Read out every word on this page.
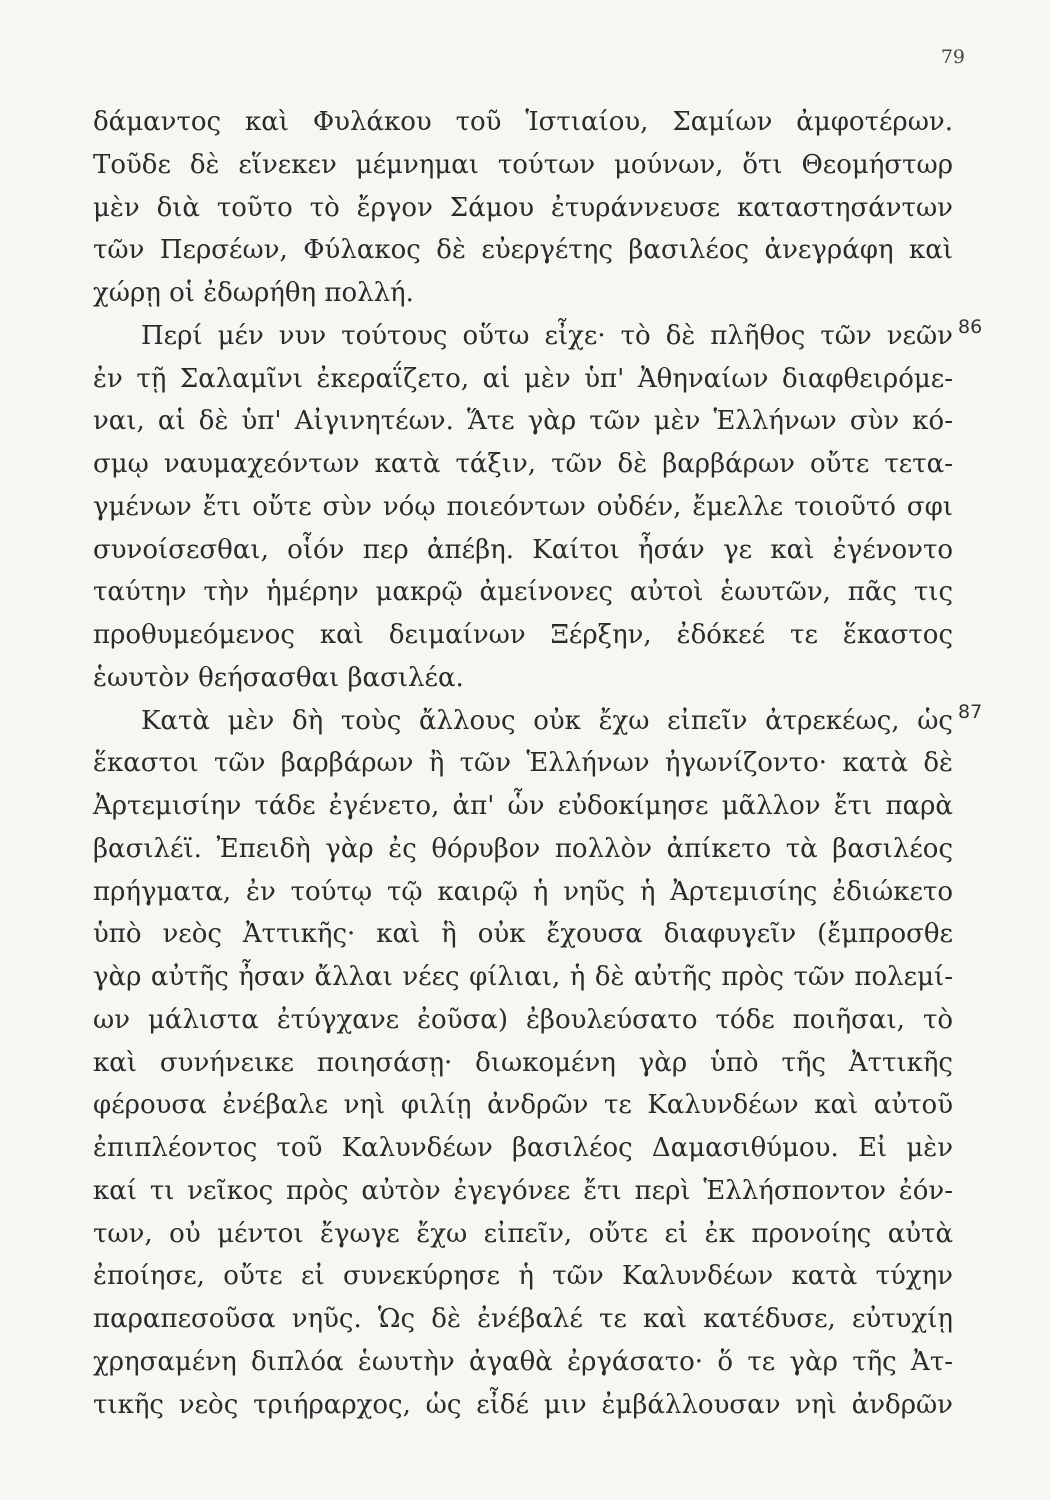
79
86
87
δάμαντος καὶ Φυλάκου τοῦ Ἱστιαίου, Σαμίων ἀμφοτέρων.
Τοῦδε δὲ εἵνεκεν μέμνημαι τούτων μούνων, ὅτι Θεομήστωρ
μὲν διὰ τοῦτο τὸ ἔργον Σάμου ἐτυράννευσε καταστησάντων
τῶν Περσέων, Φύλακος δὲ εὐεργέτης βασιλέος ἀνεγράφη καὶ
χώρῃ οἱ ἐδωρήθη πολλή.
Περί μέν νυν τούτους οὕτω εἶχε· τὸ δὲ πλῆθος τῶν νεῶν
ἐν τῇ Σαλαμῖνι ἐκεραΐζετο, αἱ μὲν ὑπ' Ἀθηναίων διαφθειρόμε-
ναι, αἱ δὲ ὑπ' Αἰγινητέων. Ἅτε γὰρ τῶν μὲν Ἑλλήνων σὺν κό-
σμῳ ναυμαχεόντων κατὰ τάξιν, τῶν δὲ βαρβάρων οὔτε τετα-
γμένων ἔτι οὔτε σὺν νόῳ ποιεόντων οὐδέν, ἔμελλε τοιοῦτό σφι
συνοίσεσθαι, οἷόν περ ἀπέβη. Καίτοι ἦσάν γε καὶ ἐγένοντο
ταύτην τὴν ἡμέρην μακρῷ ἀμείνονες αὐτοὶ ἑωυτῶν, πᾶς τις
προθυμεόμενος καὶ δειμαίνων Ξέρξην, ἐδόκεέ τε ἕκαστος
ἑωυτὸν θεήσασθαι βασιλέα.
Κατὰ μὲν δὴ τοὺς ἄλλους οὐκ ἔχω εἰπεῖν ἀτρεκέως, ὡς
ἕκαστοι τῶν βαρβάρων ἢ τῶν Ἑλλήνων ἠγωνίζοντο· κατὰ δὲ
Ἀρτεμισίην τάδε ἐγένετο, ἀπ' ὧν εὐδοκίμησε μᾶλλον ἔτι παρὰ
βασιλέϊ. Ἐπειδὴ γὰρ ἐς θόρυβον πολλὸν ἀπίκετο τὰ βασιλέος
πρήγματα, ἐν τούτῳ τῷ καιρῷ ἡ νηῦς ἡ Ἀρτεμισίης ἐδιώκετο
ὑπὸ νεὸς Ἀττικῆς· καὶ ἣ οὐκ ἔχουσα διαφυγεῖν (ἔμπροσθε
γὰρ αὐτῆς ἦσαν ἄλλαι νέες φίλιαι, ἡ δὲ αὐτῆς πρὸς τῶν πολεμί-
ων μάλιστα ἐτύγχανε ἐοῦσα) ἐβουλεύσατο τόδε ποιῆσαι, τὸ
καὶ συνήνεικε ποιησάσῃ· διωκομένη γὰρ ὑπὸ τῆς Ἀττικῆς
φέρουσα ἐνέβαλε νηὶ φιλίῃ ἀνδρῶν τε Καλυνδέων καὶ αὐτοῦ
ἐπιπλέοντος τοῦ Καλυνδέων βασιλέος Δαμασιθύμου. Εἰ μὲν
καί τι νεῖκος πρὸς αὐτὸν ἐγεγόνεε ἔτι περὶ Ἑλλήσποντον ἐόν-
των, οὐ μέντοι ἔγωγε ἔχω εἰπεῖν, οὔτε εἰ ἐκ προνοίης αὐτὰ
ἐποίησε, οὔτε εἰ συνεκύρησε ἡ τῶν Καλυνδέων κατὰ τύχην
παραπεσοῦσα νηῦς. Ὡς δὲ ἐνέβαλέ τε καὶ κατέδυσε, εὐτυχίῃ
χρησαμένη διπλόα ἑωυτὴν ἀγαθὰ ἐργάσατο· ὅ τε γὰρ τῆς Ἀτ-
τικῆς νεὸς τριήραρχος, ὡς εἶδέ μιν ἐμβάλλουσαν νηὶ ἀνδρῶν
